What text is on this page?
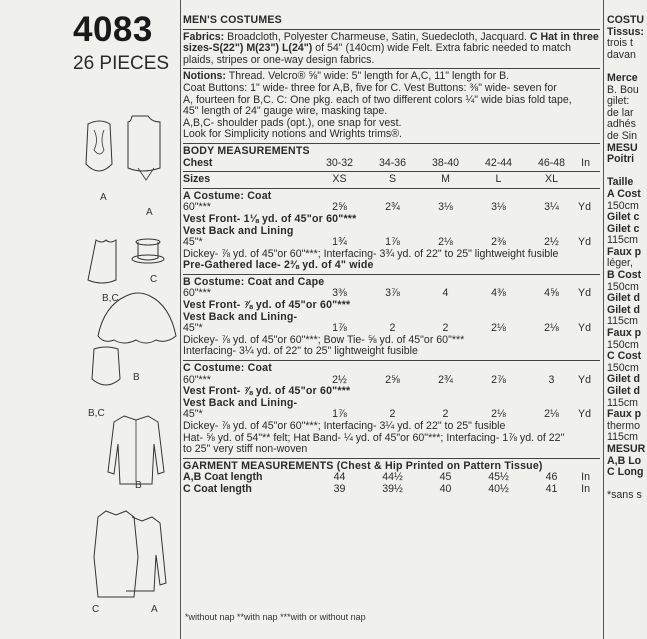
4083
26 PIECES
A
A
C
B,C
B
B,C
B
C	A
MEN'S COSTUMES
Fabrics: Broadcloth, Polyester Charmeuse, Satin, Suedecloth, Jacquard. C Hat in three sizes-S(22") M(23") L(24") of 54" (140cm) wide Felt. Extra fabric needed to match plaids, stripes or one-way design fabrics.
Notions: Thread. Velcro® ⅝" wide: 5" length for A,C, 11" length for B.
Coat Buttons: 1" wide- three for A,B, five for C. Vest Buttons: ⅜" wide- seven for
A, fourteen for B,C. C: One pkg. each of two different colors ¼" wide bias fold tape,
45" length of 24" gauge wire, masking tape.
A,B,C- shoulder pads (opt.), one snap for vest.
Look for Simplicity notions and Wrights trims®.
BODY MEASUREMENTS
Chest	30-32	34-36	38-40	42-44	46-48	In
Sizes	XS	S	M	L	XL
A Costume: Coat
60"***	2⅝	2¾	3⅛	3⅛	3¼	Yd
Vest Front- 1⅛ yd. of 45"or 60"***
Vest Back and Lining
45"*	1¾	1⅞	2⅛	2⅜	2½	Yd
Dickey- ⅞ yd. of 45"or 60"***; Interfacing- 3¾ yd. of 22" to 25" lightweight fusible
Pre-Gathered lace- 2⅜ yd. of 4" wide
B Costume: Coat and Cape
60"***	3⅜	3⅞	4	4⅜	4⅝	Yd
Vest Front- ⅞ yd. of 45"or 60"***
Vest Back and Lining-
45"*	1⅞	2	2	2⅛	2⅛	Yd
Dickey- ⅞ yd. of 45"or 60"***; Bow Tie- ⅝ yd. of 45"or 60"***
Interfacing- 3¼ yd. of 22" to 25" lightweight fusible
C Costume: Coat
60"***	2½	2⅝	2¾	2⅞	3	Yd
Vest Front- ⅞ yd. of 45"or 60"***
Vest Back and Lining-
45"*	1⅞	2	2	2⅛	2⅛	Yd
Dickey- ⅞ yd. of 45"or 60"***; Interfacing- 3¼ yd. of 22" to 25" fusible
Hat- ⅝ yd. of 54"** felt; Hat Band- ¼ yd. of 45"or 60"***; Interfacing- 1⅞ yd. of 22"
to 25" very stiff non-woven
GARMENT MEASUREMENTS (Chest & Hip Printed on Pattern Tissue)
A,B Coat length	44	44½	45	45½	46	In
C Coat length	39	39½	40	40½	41	In
*without nap **with nap ***with or without nap
COSTU
Tissus:
trois t
davan
Merce
B. Bou
gilet:
de lar
adhés
de Sin
MESU
Poitri
Taille
A Cost
150cm
Gilet c
Gilet c
115cm
Faux p
léger,
B Cost
150cm
Gilet d
Gilet d
115cm
Faux p
150cm
C Cost
150cm
Gilet d
Gilet d
115cm
Faux p
thermo
115cm
MESUR
A,B Lo
C Long
*sans s
